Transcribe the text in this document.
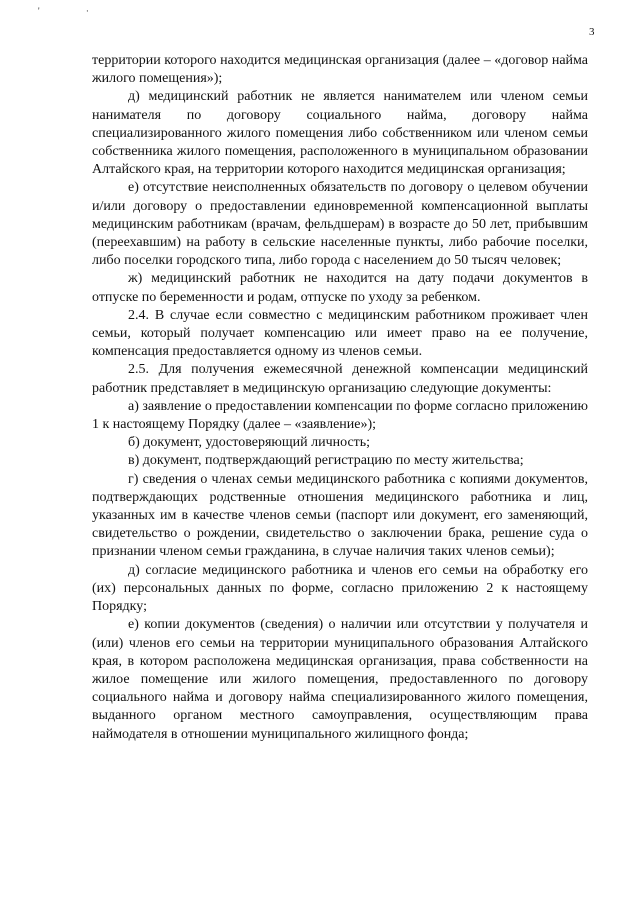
' ·
3

территории которого находится медицинская организация (далее – «договор найма жилого помещения»);

д) медицинский работник не является нанимателем или членом семьи нанимателя по договору социального найма, договору найма специализированного жилого помещения либо собственником или членом семьи собственника жилого помещения, расположенного в муниципальном образовании Алтайского края, на территории которого находится медицинская организация;

е) отсутствие неисполненных обязательств по договору о целевом обучении и/или договору о предоставлении единовременной компенсационной выплаты медицинским работникам (врачам, фельдшерам) в возрасте до 50 лет, прибывшим (переехавшим) на работу в сельские населенные пункты, либо рабочие поселки, либо поселки городского типа, либо города с населением до 50 тысяч человек;

ж) медицинский работник не находится на дату подачи документов в отпуске по беременности и родам, отпуске по уходу за ребенком.

2.4. В случае если совместно с медицинским работником проживает член семьи, который получает компенсацию или имеет право на ее получение, компенсация предоставляется одному из членов семьи.

2.5. Для получения ежемесячной денежной компенсации медицинский работник представляет в медицинскую организацию следующие документы:

а) заявление о предоставлении компенсации по форме согласно приложению 1 к настоящему Порядку (далее – «заявление»);

б) документ, удостоверяющий личность;

в) документ, подтверждающий регистрацию по месту жительства;

г) сведения о членах семьи медицинского работника с копиями документов, подтверждающих родственные отношения медицинского работника и лиц, указанных им в качестве членов семьи (паспорт или документ, его заменяющий, свидетельство о рождении, свидетельство о заключении брака, решение суда о признании членом семьи гражданина, в случае наличия таких членов семьи);

д) согласие медицинского работника и членов его семьи на обработку его (их) персональных данных по форме, согласно приложению 2 к настоящему Порядку;

е) копии документов (сведения) о наличии или отсутствии у получателя и (или) членов его семьи на территории муниципального образования Алтайского края, в котором расположена медицинская организация, права собственности на жилое помещение или жилого помещения, предоставленного по договору социального найма и договору найма специализированного жилого помещения, выданного органом местного самоуправления, осуществляющим права наймодателя в отношении муниципального жилищного фонда;
